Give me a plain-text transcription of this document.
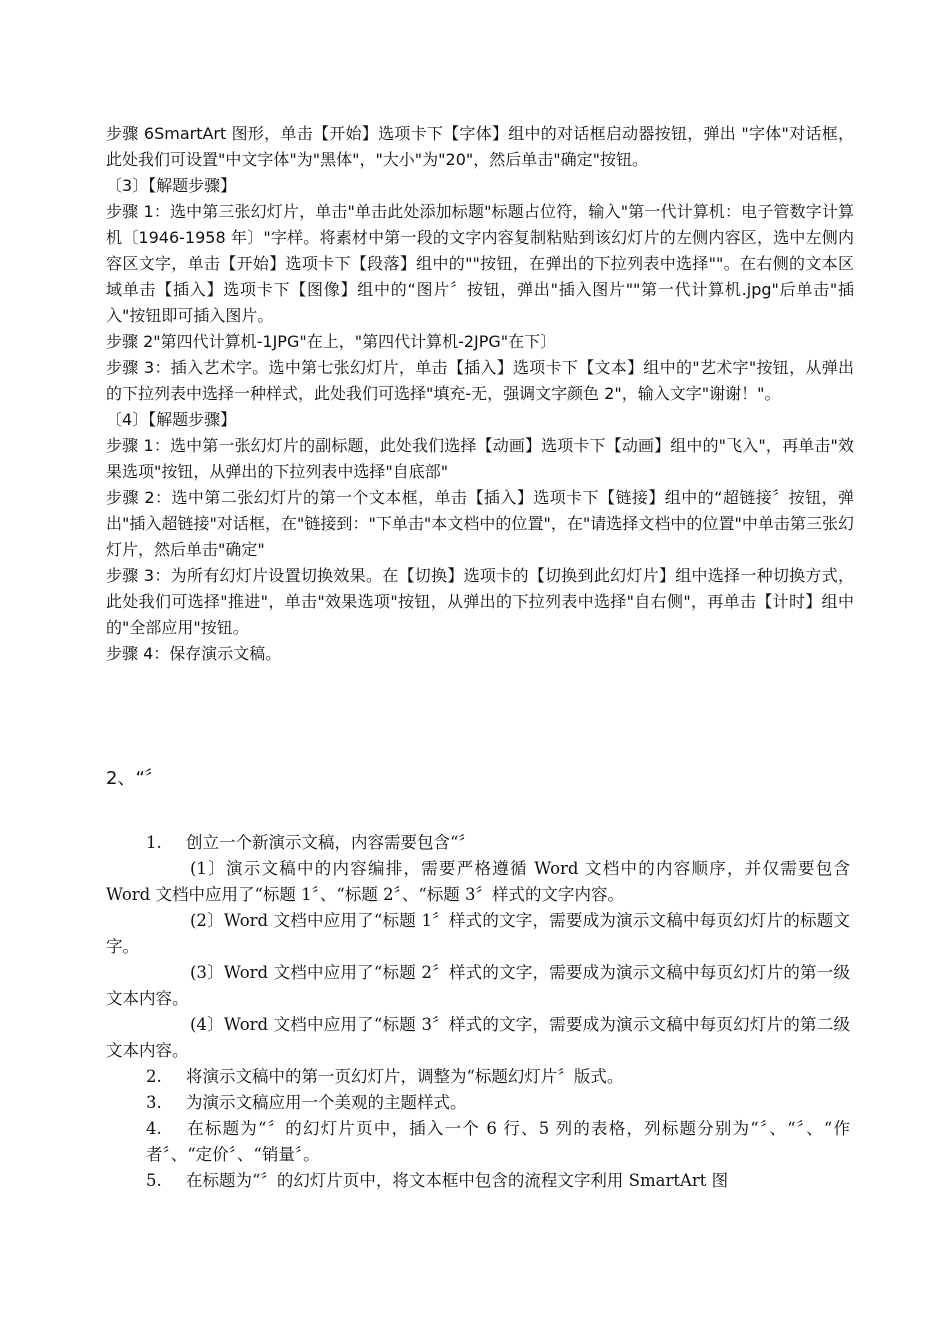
步骤 6SmartArt 图形，单击【开始】选项卡下【字体】组中的对话框启动器按钮，弹出 "字体"对话框，此处我们可设置"中文字体"为"黑体"，"大小"为"20"，然后单击"确定"按钮。

〔3〕【解题步骤】

步骤 1：选中第三张幻灯片，单击"单击此处添加标题"标题占位符，输入"第一代计算机：电子管数字计算机〔1946-1958 年〕"字样。将素材中第一段的文字内容复制粘贴到该幻灯片的左侧内容区，选中左侧内容区文字，单击【开始】选项卡下【段落】组中的""按钮，在弹出的下拉列表中选择""。在右侧的文本区域单击【插入】选项卡下【图像】组中的“图片〞按钮，弹出"插入图片""第一代计算机.jpg"后单击"插入"按钮即可插入图片。

步骤 2"第四代计算机-1JPG"在上，"第四代计算机-2JPG"在下〕

步骤 3：插入艺术字。选中第七张幻灯片，单击【插入】选项卡下【文本】组中的"艺术字"按钮，从弹出的下拉列表中选择一种样式，此处我们可选择"填充-无，强调文字颜色 2"，输入文字"谢谢！"。

〔4〕【解题步骤】

步骤 1：选中第一张幻灯片的副标题，此处我们选择【动画】选项卡下【动画】组中的"飞入"，再单击"效果选项"按钮，从弹出的下拉列表中选择"自底部"

步骤 2：选中第二张幻灯片的第一个文本框，单击【插入】选项卡下【链接】组中的“超链接〞按钮，弹出"插入超链接"对话框，在"链接到："下单击"本文档中的位置"，在"请选择文档中的位置"中单击第三张幻灯片，然后单击"确定"

步骤 3：为所有幻灯片设置切换效果。在【切换】选项卡的【切换到此幻灯片】组中选择一种切换方式，此处我们可选择"推进"，单击"效果选项"按钮，从弹出的下拉列表中选择"自右侧"，再单击【计时】组中的"全部应用"按钮。

步骤 4：保存演示文稿。

2、“〞

1. 创立一个新演示文稿，内容需要包含“〞

(1〕演示文稿中的内容编排，需要严格遵循 Word 文档中的内容顺序，并仅需要包含 Word 文档中应用了“标题 1〞、“标题 2〞、“标题 3〞样式的文字内容。

(2〕Word 文档中应用了“标题 1〞样式的文字，需要成为演示文稿中每页幻灯片的标题文字。

(3〕Word 文档中应用了“标题 2〞样式的文字，需要成为演示文稿中每页幻灯片的第一级文本内容。

(4〕Word 文档中应用了“标题 3〞样式的文字，需要成为演示文稿中每页幻灯片的第二级文本内容。

2. 将演示文稿中的第一页幻灯片，调整为“标题幻灯片〞版式。

3. 为演示文稿应用一个美观的主题样式。

4. 在标题为“〞的幻灯片页中，插入一个 6 行、5 列的表格，列标题分别为“〞、“〞、“作者〞、“定价〞、“销量〞。

5. 在标题为“〞的幻灯片页中，将文本框中包含的流程文字利用 SmartArt 图
